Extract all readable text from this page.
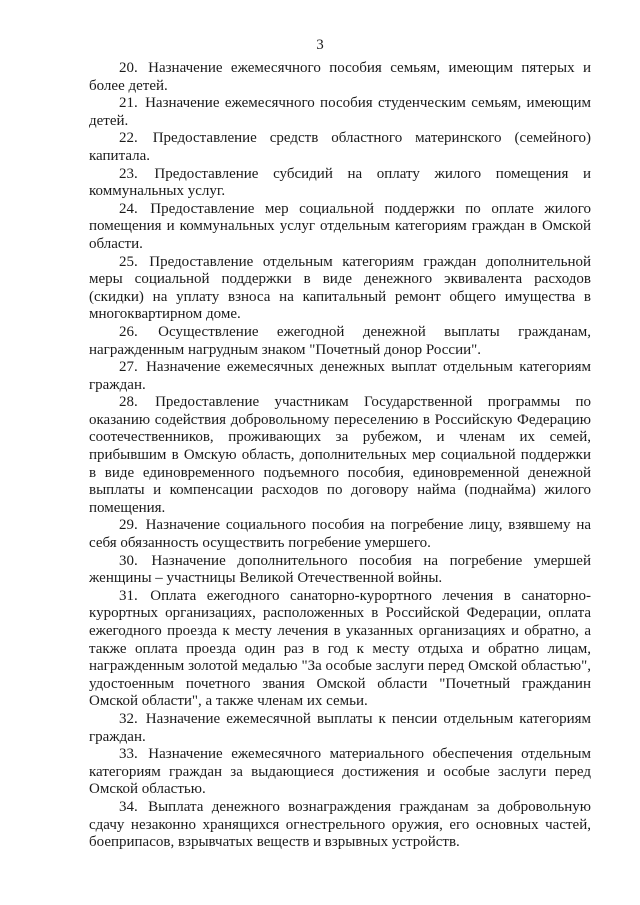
3

20. Назначение ежемесячного пособия семьям, имеющим пятерых и более детей.

21. Назначение ежемесячного пособия студенческим семьям, имеющим детей.

22. Предоставление средств областного материнского (семейного) капитала.

23. Предоставление субсидий на оплату жилого помещения и коммунальных услуг.

24. Предоставление мер социальной поддержки по оплате жилого помещения и коммунальных услуг отдельным категориям граждан в Омской области.

25. Предоставление отдельным категориям граждан дополнительной меры социальной поддержки в виде денежного эквивалента расходов (скидки) на уплату взноса на капитальный ремонт общего имущества в многоквартирном доме.

26. Осуществление ежегодной денежной выплаты гражданам, награжденным нагрудным знаком "Почетный донор России".

27. Назначение ежемесячных денежных выплат отдельным категориям граждан.

28. Предоставление участникам Государственной программы по оказанию содействия добровольному переселению в Российскую Федерацию соотечественников, проживающих за рубежом, и членам их семей, прибывшим в Омскую область, дополнительных мер социальной поддержки в виде единовременного подъемного пособия, единовременной денежной выплаты и компенсации расходов по договору найма (поднайма) жилого помещения.

29. Назначение социального пособия на погребение лицу, взявшему на себя обязанность осуществить погребение умершего.

30. Назначение дополнительного пособия на погребение умершей женщины – участницы Великой Отечественной войны.

31. Оплата ежегодного санаторно-курортного лечения в санаторно-курортных организациях, расположенных в Российской Федерации, оплата ежегодного проезда к месту лечения в указанных организациях и обратно, а также оплата проезда один раз в год к месту отдыха и обратно лицам, награжденным золотой медалью "За особые заслуги перед Омской областью", удостоенным почетного звания Омской области "Почетный гражданин Омской области", а также членам их семьи.

32. Назначение ежемесячной выплаты к пенсии отдельным категориям граждан.

33. Назначение ежемесячного материального обеспечения отдельным категориям граждан за выдающиеся достижения и особые заслуги перед Омской областью.

34. Выплата денежного вознаграждения гражданам за добровольную сдачу незаконно хранящихся огнестрельного оружия, его основных частей, боеприпасов, взрывчатых веществ и взрывных устройств.
